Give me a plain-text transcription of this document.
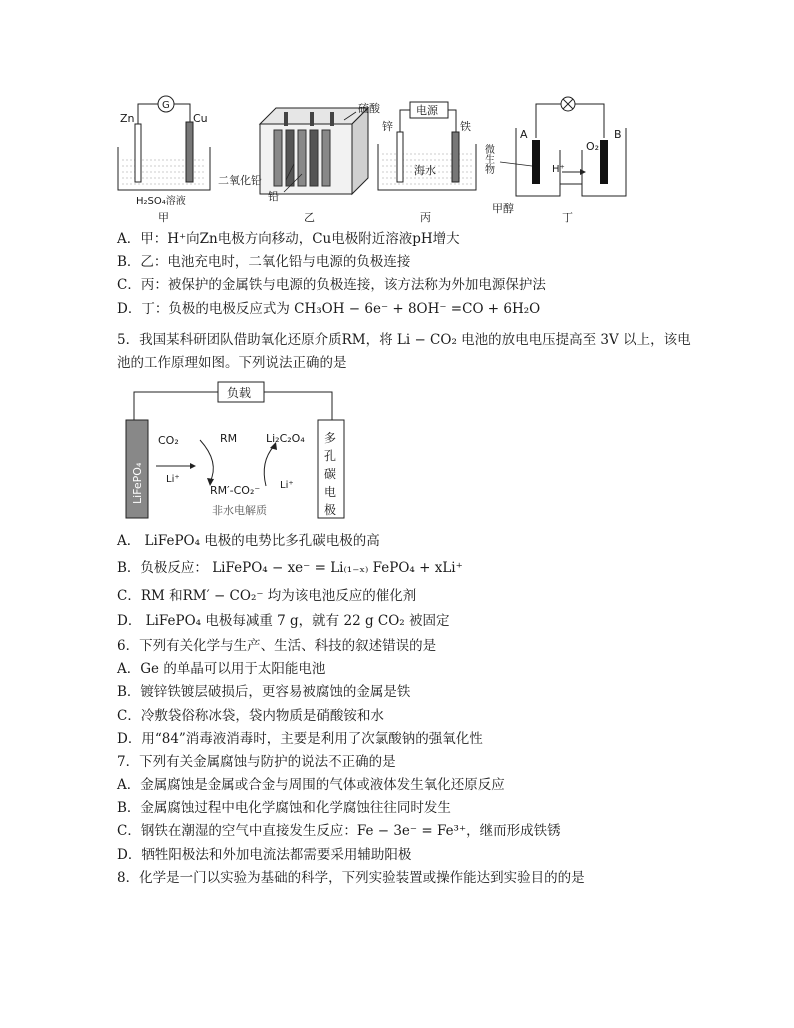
G
Zn	Cu
H₂SO₄溶液
甲
硫酸
二氧化铅
铅
乙
电源
锌	铁
海水
丙
A	B
O₂
H⁺
微生物
甲醇
丁
A．甲：H⁺向Zn电极方向移动，Cu电极附近溶液pH增大
B．乙：电池充电时，二氧化铅与电源的负极连接
C．丙：被保护的金属铁与电源的负极连接，该方法称为外加电源保护法
D．丁：负极的电极反应式为 CH₃OH − 6e⁻ + 8OH⁻ =CO + 6H₂O
5．我国某科研团队借助氧化还原介质RM，将 Li − CO₂ 电池的放电电压提高至 3V 以上，该电
池的工作原理如图。下列说法正确的是
负载
LiFePO₄
多
孔
碳
电
极
CO₂
Li⁺
RM	Li₂C₂O₄
Li⁺
RM′-CO₂⁻
非水电解质
A． LiFePO₄ 电极的电势比多孔碳电极的高
B．负极反应： LiFePO₄ − xe⁻ = Li₍₁₋ₓ₎ FePO₄ + xLi⁺
C．RM 和RM′ − CO₂⁻ 均为该电池反应的催化剂
D． LiFePO₄ 电极每减重 7 g，就有 22 g CO₂ 被固定
6．下列有关化学与生产、生活、科技的叙述错误的是
A．Ge 的单晶可以用于太阳能电池
B．镀锌铁镀层破损后，更容易被腐蚀的金属是铁
C．冷敷袋俗称冰袋，袋内物质是硝酸铵和水
D．用“84”消毒液消毒时，主要是利用了次氯酸钠的强氧化性
7．下列有关金属腐蚀与防护的说法不正确的是
A．金属腐蚀是金属或合金与周围的气体或液体发生氧化还原反应
B．金属腐蚀过程中电化学腐蚀和化学腐蚀往往同时发生
C．钢铁在潮湿的空气中直接发生反应：Fe − 3e⁻ = Fe³⁺，继而形成铁锈
D．牺牲阳极法和外加电流法都需要采用辅助阳极
8．化学是一门以实验为基础的科学，下列实验装置或操作能达到实验目的的是
